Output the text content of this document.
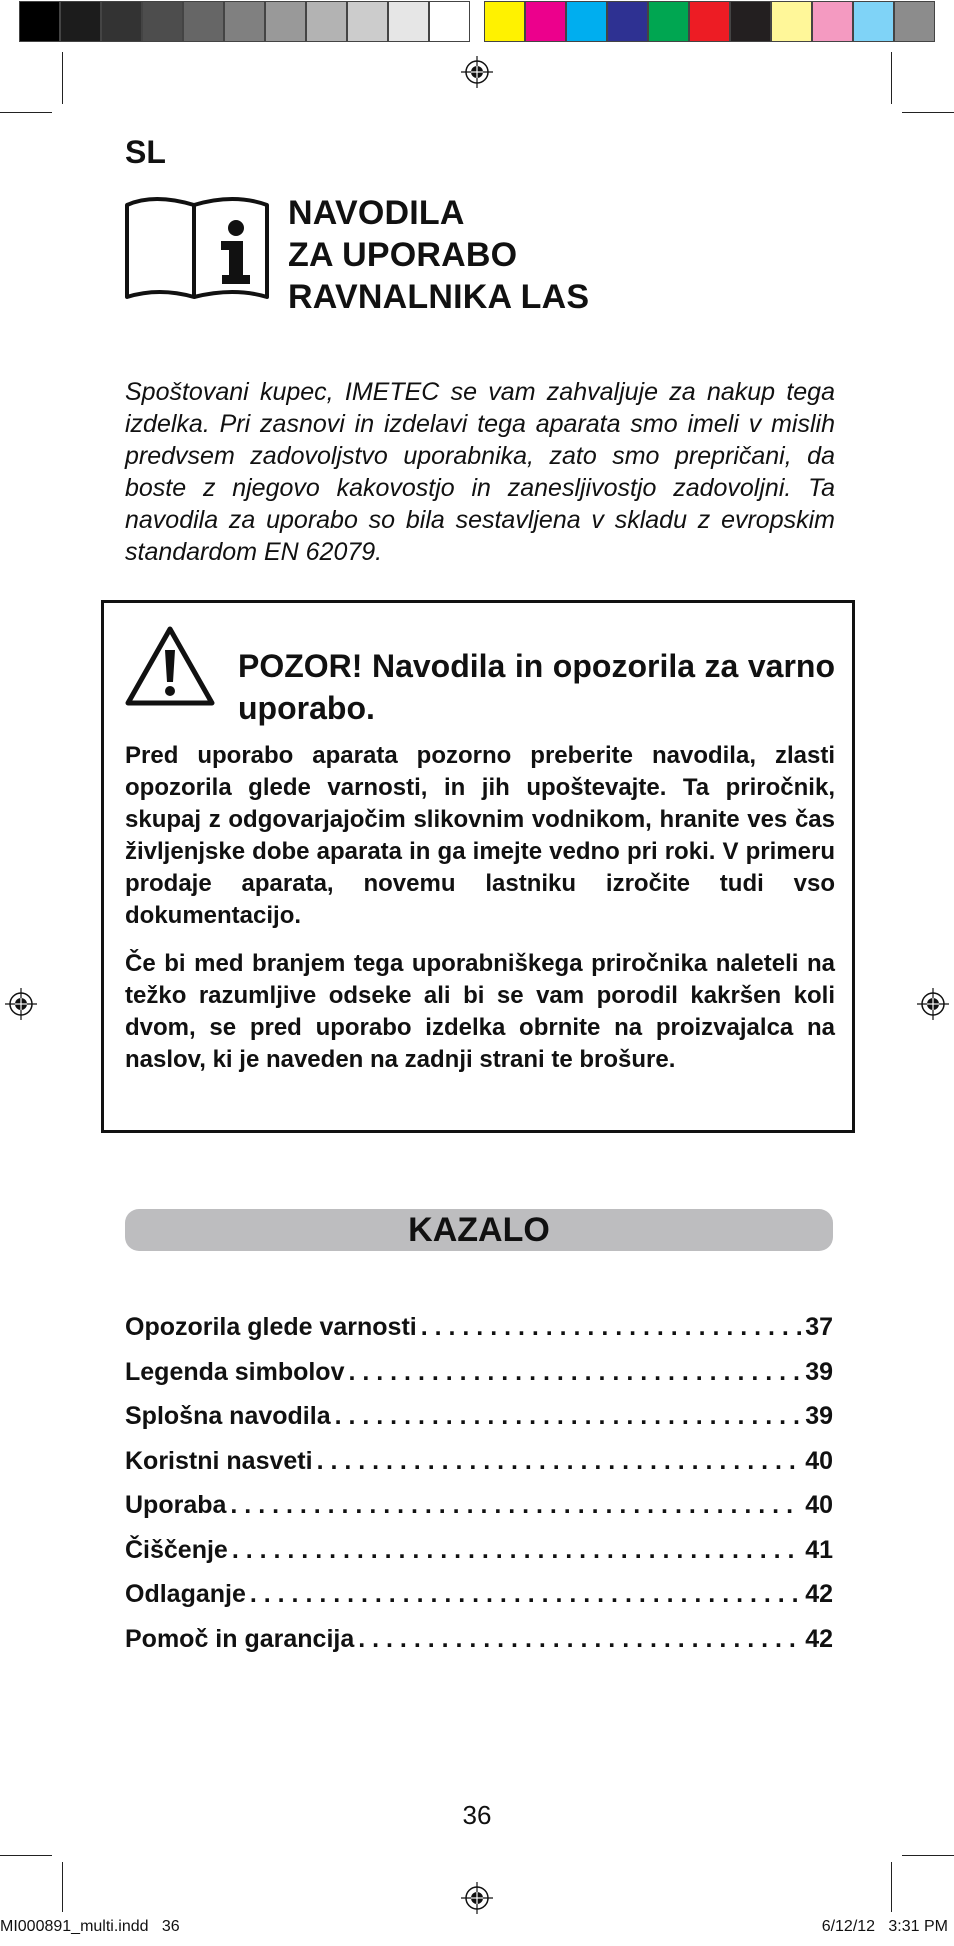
SL
NAVODILA
ZA UPORABO
RAVNALNIKA LAS
Spoštovani kupec, IMETEC se vam zahvaljuje za nakup tega izdelka. Pri zasnovi in izdelavi tega aparata smo imeli v mislih predvsem zadovoljstvo uporabnika, zato smo prepričani, da boste z njegovo kakovostjo in zanesljivostjo zadovoljni. Ta navodila za uporabo so bila sestavljena v skladu z evropskim standardom EN 62079.
POZOR! Navodila in opozorila za varno uporabo.
Pred uporabo aparata pozorno preberite navodila, zlasti opozorila glede varnosti, in jih upoštevajte. Ta priročnik, skupaj z odgovarjajočim slikovnim vodnikom, hranite ves čas življenjske dobe aparata in ga imejte vedno pri roki. V primeru prodaje aparata, novemu lastniku izročite tudi vso dokumentacijo.
Če bi med branjem tega uporabniškega priročnika naleteli na težko razumljive odseke ali bi se vam porodil kakršen koli dvom, se pred uporabo izdelka obrnite na proizvajalca na naslov, ki je naveden na zadnji strani te brošure.
KAZALO
Opozorila glede varnosti . . .	37
Legenda simbolov . . .	39
Splošna navodila . . .	39
Koristni nasveti . . .	40
Uporaba . . .	40
Čiščenje . . .	41
Odlaganje . . .	42
Pomoč in garancija . . .	42
36
MI000891_multi.indd   36	6/12/12   3:31 PM
